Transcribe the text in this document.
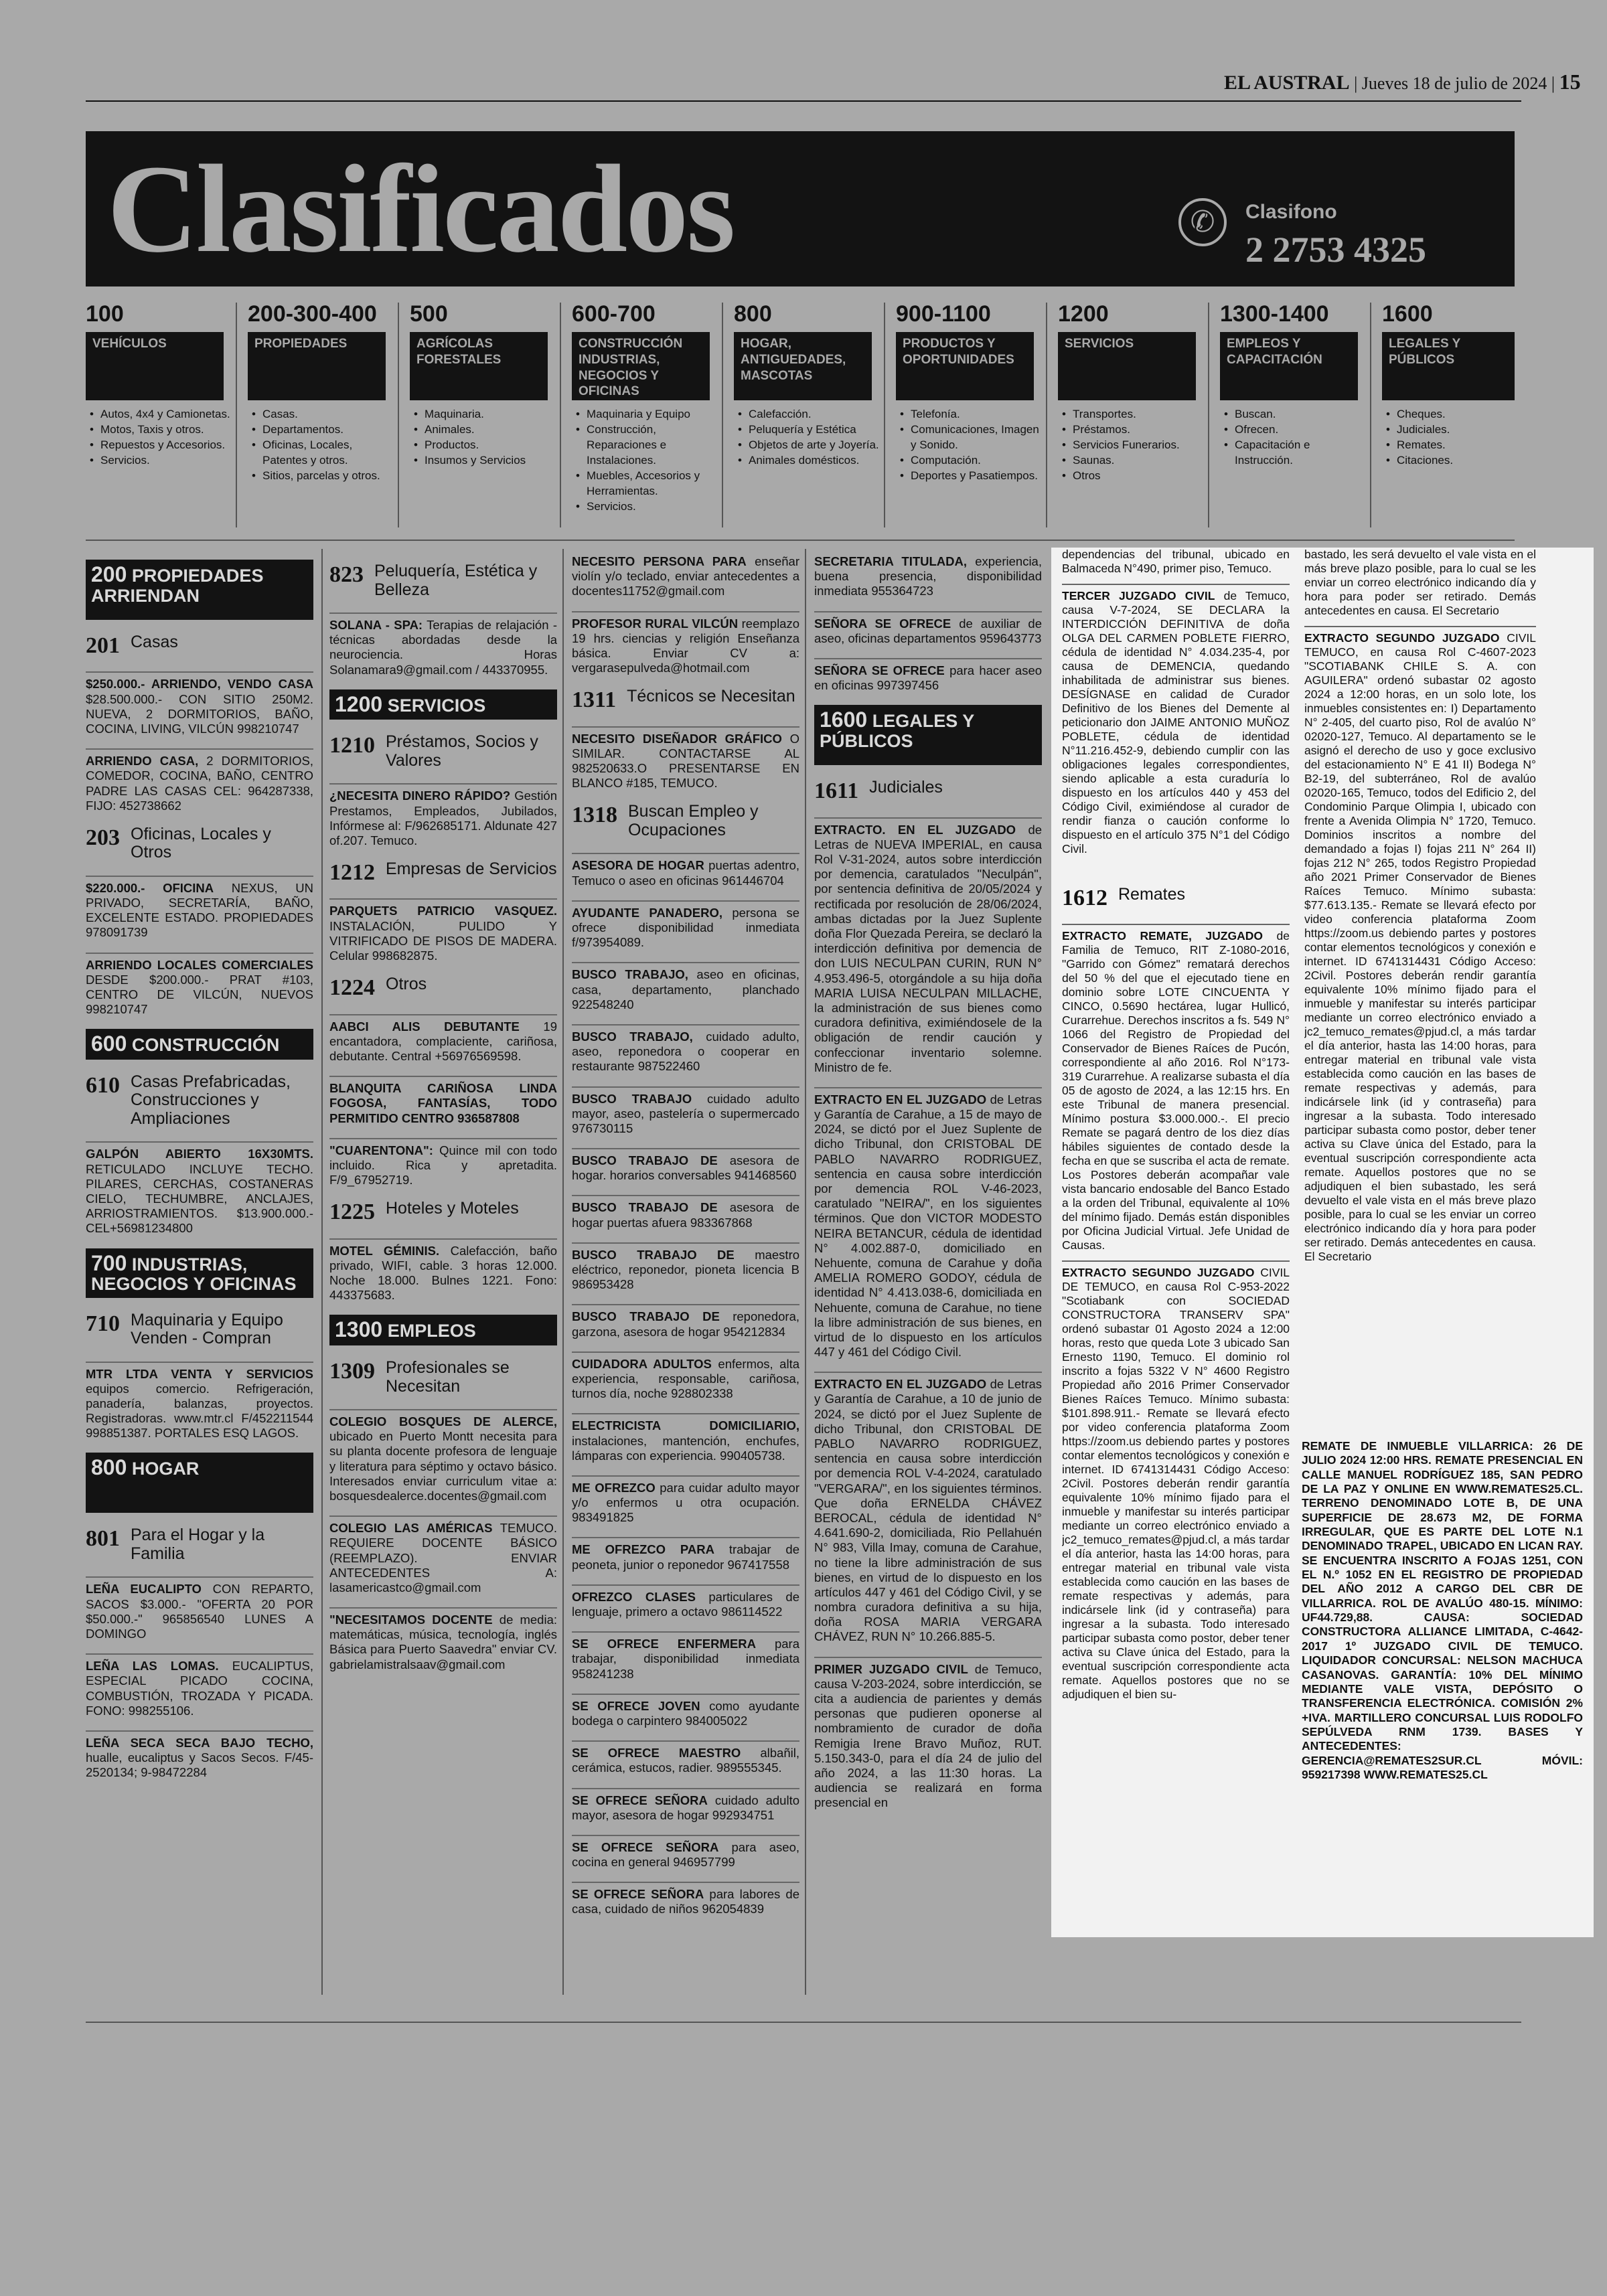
EL AUSTRAL | Jueves 18 de julio de 2024 | 15
Clasificados	✆	Clasifono
2 2753 4325
100
VEHÍCULOS
• Autos, 4x4 y Camionetas.
• Motos, Taxis y otros.
• Repuestos y Accesorios.
• Servicios.
200-300-400
PROPIEDADES
• Casas.
• Departamentos.
• Oficinas, Locales, Patentes y otros.
• Sitios, parcelas y otros.
500
AGRÍCOLAS FORESTALES
• Maquinaria.
• Animales.
• Productos.
• Insumos y Servicios
600-700
CONSTRUCCIÓN INDUSTRIAS, NEGOCIOS Y OFICINAS
• Maquinaria y Equipo
• Construcción, Reparaciones e Instalaciones.
• Muebles, Accesorios y Herramientas.
• Servicios.
800
HOGAR, ANTIGUEDADES, MASCOTAS
• Calefacción.
• Peluquería y Estética
• Objetos de arte y Joyería.
• Animales domésticos.
900-1100
PRODUCTOS Y OPORTUNIDADES
• Telefonía.
• Comunicaciones, Imagen y Sonido.
• Computación.
• Deportes y Pasatiempos.
1200
SERVICIOS
• Transportes.
• Préstamos.
• Servicios Funerarios.
• Saunas.
• Otros
1300-1400
EMPLEOS Y CAPACITACIÓN
• Buscan.
• Ofrecen.
• Capacitación e Instrucción.
1600
LEGALES Y PÚBLICOS
• Cheques.
• Judiciales.
• Remates.
• Citaciones.
200 PROPIEDADES ARRIENDAN
201 Casas
$250.000.- ARRIENDO, VENDO CASA $28.500.000.- CON SITIO 250M2. NUEVA, 2 DORMITORIOS, BAÑO, COCINA, LIVING, VILCÚN 998210747
ARRIENDO CASA, 2 DORMITORIOS, COMEDOR, COCINA, BAÑO, CENTRO PADRE LAS CASAS CEL: 964287338, FIJO: 452738662
203 Oficinas, Locales y Otros
$220.000.- OFICINA NEXUS, UN PRIVADO, SECRETARÍA, BAÑO, EXCELENTE ESTADO. PROPIEDADES 978091739
ARRIENDO LOCALES COMERCIALES DESDE $200.000.- PRAT #103, CENTRO DE VILCÚN, NUEVOS 998210747
600 CONSTRUCCIÓN
610 Casas Prefabricadas, Construcciones y Ampliaciones
GALPÓN ABIERTO 16X30MTS. RETICULADO INCLUYE TECHO. PILARES, CERCHAS, COSTANERAS CIELO, TECHUMBRE, ANCLAJES, ARRIOSTRAMIENTOS. $13.900.000.- CEL+56981234800
700 INDUSTRIAS, NEGOCIOS Y OFICINAS
710 Maquinaria y Equipo Venden - Compran
MTR LTDA VENTA Y SERVICIOS equipos comercio. Refrigeración, panadería, balanzas, proyectos. Registradoras. www.mtr.cl F/452211544 998851387. PORTALES ESQ LAGOS.
800 HOGAR
801 Para el Hogar y la Familia
LEÑA EUCALIPTO CON REPARTO, SACOS $3.000.- "OFERTA 20 POR $50.000.-" 965856540 LUNES A DOMINGO
LEÑA LAS LOMAS. EUCALIPTUS, ESPECIAL PICADO COCINA, COMBUSTIÓN, TROZADA Y PICADA. FONO: 998255106.
LEÑA SECA SECA BAJO TECHO, hualle, eucaliptus y Sacos Secos. F/45-2520134; 9-98472284
823 Peluquería, Estética y Belleza
SOLANA - SPA: Terapias de relajación - técnicas abordadas desde la neurociencia. Horas Solanamara9@gmail.com / 443370955.
1200 SERVICIOS
1210 Préstamos, Socios y Valores
¿NECESITA DINERO RÁPIDO? Gestión Prestamos, Empleados, Jubilados, Infórmese al: F/962685171. Aldunate 427 of.207. Temuco.
1212 Empresas de Servicios
PARQUETS PATRICIO VASQUEZ. INSTALACIÓN, PULIDO Y VITRIFICADO DE PISOS DE MADERA. Celular 998682875.
1224 Otros
AABCI ALIS DEBUTANTE 19 encantadora, complaciente, cariñosa, debutante. Central +56976569598.
BLANQUITA CARIÑOSA LINDA FOGOSA, FANTASÍAS, TODO PERMITIDO CENTRO 936587808
"CUARENTONA": Quince mil con todo incluido. Rica y apretadita. F/9_67952719.
1225 Hoteles y Moteles
MOTEL GÉMINIS. Calefacción, baño privado, WIFI, cable. 3 horas 12.000. Noche 18.000. Bulnes 1221. Fono: 443375683.
1300 EMPLEOS
1309 Profesionales se Necesitan
COLEGIO BOSQUES DE ALERCE, ubicado en Puerto Montt necesita para su planta docente profesora de lenguaje y literatura para séptimo y octavo básico. Interesados enviar curriculum vitae a: bosquesdealerce.docentes@gmail.com
COLEGIO LAS AMÉRICAS TEMUCO. REQUIERE DOCENTE BÁSICO (REEMPLAZO). ENVIAR ANTECEDENTES A: lasamericastco@gmail.com
"NECESITAMOS DOCENTE de media: matemáticas, música, tecnología, inglés Básica para Puerto Saavedra" enviar CV. gabrielamistralsaav@gmail.com
NECESITO PERSONA PARA enseñar violín y/o teclado, enviar antecedentes a docentes11752@gmail.com
PROFESOR RURAL VILCÚN reemplazo 19 hrs. ciencias y religión Enseñanza básica. Enviar CV a: vergarasepulveda@hotmail.com
1311 Técnicos se Necesitan
NECESITO DISEÑADOR GRÁFICO O SIMILAR. CONTACTARSE AL 982520633.O PRESENTARSE EN BLANCO #185, TEMUCO.
1318 Buscan Empleo y Ocupaciones
ASESORA DE HOGAR puertas adentro, Temuco o aseo en oficinas 961446704
AYUDANTE PANADERO, persona se ofrece disponibilidad inmediata f/973954089.
BUSCO TRABAJO, aseo en oficinas, casa, departamento, planchado 922548240
BUSCO TRABAJO, cuidado adulto, aseo, reponedora o cooperar en restaurante 987522460
BUSCO TRABAJO cuidado adulto mayor, aseo, pastelería o supermercado 976730115
BUSCO TRABAJO DE asesora de hogar. horarios conversables 941468560
BUSCO TRABAJO DE asesora de hogar puertas afuera 983367868
BUSCO TRABAJO DE maestro eléctrico, reponedor, pioneta licencia B 986953428
BUSCO TRABAJO DE reponedora, garzona, asesora de hogar 954212834
CUIDADORA ADULTOS enfermos, alta experiencia, responsable, cariñosa, turnos día, noche 928802338
ELECTRICISTA DOMICILIARIO, instalaciones, mantención, enchufes, lámparas con experiencia. 990405738.
ME OFREZCO para cuidar adulto mayor y/o enfermos u otra ocupación. 983491825
ME OFREZCO PARA trabajar de peoneta, junior o reponedor 967417558
OFREZCO CLASES particulares de lenguaje, primero a octavo 986114522
SE OFRECE ENFERMERA para trabajar, disponibilidad inmediata 958241238
SE OFRECE JOVEN como ayudante bodega o carpintero 984005022
SE OFRECE MAESTRO albañil, cerámica, estucos, radier. 989555345.
SE OFRECE SEÑORA cuidado adulto mayor, asesora de hogar 992934751
SE OFRECE SEÑORA para aseo, cocina en general 946957799
SE OFRECE SEÑORA para labores de casa, cuidado de niños 962054839
SECRETARIA TITULADA, experiencia, buena presencia, disponibilidad inmediata 955364723
SEÑORA SE OFRECE de auxiliar de aseo, oficinas departamentos 959643773
SEÑORA SE OFRECE para hacer aseo en oficinas 997397456
1600 LEGALES Y PÚBLICOS
1611 Judiciales
EXTRACTO. EN EL JUZGADO de Letras de NUEVA IMPERIAL, en causa Rol V-31-2024, autos sobre interdicción por demencia, caratulados "Neculpán", por sentencia definitiva de 20/05/2024 y rectificada por resolución de 28/06/2024, ambas dictadas por la Juez Suplente doña Flor Quezada Pereira, se declaró la interdicción definitiva por demencia de don LUIS NECULPAN CURIN, RUN N° 4.953.496-5, otorgándole a su hija doña MARIA LUISA NECULPAN MILLACHE, la administración de sus bienes como curadora definitiva, eximiéndosele de la obligación de rendir caución y confeccionar inventario solemne. Ministro de fe.
EXTRACTO EN EL JUZGADO de Letras y Garantía de Carahue, a 15 de mayo de 2024, se dictó por el Juez Suplente de dicho Tribunal, don CRISTOBAL DE PABLO NAVARRO RODRIGUEZ, sentencia en causa sobre interdicción por demencia ROL V-46-2023, caratulado "NEIRA/", en los siguientes términos. Que don VICTOR MODESTO NEIRA BETANCUR, cédula de identidad N° 4.002.887-0, domiciliado en Nehuente, comuna de Carahue y doña AMELIA ROMERO GODOY, cédula de identidad N° 4.413.038-6, domiciliada en Nehuente, comuna de Carahue, no tiene la libre administración de sus bienes, en virtud de lo dispuesto en los artículos 447 y 461 del Código Civil.
EXTRACTO EN EL JUZGADO de Letras y Garantía de Carahue, a 10 de junio de 2024, se dictó por el Juez Suplente de dicho Tribunal, don CRISTOBAL DE PABLO NAVARRO RODRIGUEZ, sentencia en causa sobre interdicción por demencia ROL V-4-2024, caratulado "VERGARA/", en los siguientes términos. Que doña ERNELDA CHÁVEZ BEROCAL, cédula de identidad N° 4.641.690-2, domiciliada, Rio Pellahuén N° 983, Villa Imay, comuna de Carahue, no tiene la libre administración de sus bienes, en virtud de lo dispuesto en los artículos 447 y 461 del Código Civil, y se nombra curadora definitiva a su hija, doña ROSA MARIA VERGARA CHÁVEZ, RUN N° 10.266.885-5.
PRIMER JUZGADO CIVIL de Temuco, causa V-203-2024, sobre interdicción, se cita a audiencia de parientes y demás personas que pudieren oponerse al nombramiento de curador de doña Remigia Irene Bravo Muñoz, RUT. 5.150.343-0, para el día 24 de julio del año 2024, a las 11:30 horas. La audiencia se realizará en forma presencial en
dependencias del tribunal, ubicado en Balmaceda N°490, primer piso, Temuco.
TERCER JUZGADO CIVIL de Temuco, causa V-7-2024, SE DECLARA la INTERDICCIÓN DEFINITIVA de doña OLGA DEL CARMEN POBLETE FIERRO, cédula de identidad N° 4.034.235-4, por causa de DEMENCIA, quedando inhabilitada de administrar sus bienes. DESÍGNASE en calidad de Curador Definitivo de los Bienes del Demente al peticionario don JAIME ANTONIO MUÑOZ POBLETE, cédula de identidad N°11.216.452-9, debiendo cumplir con las obligaciones legales correspondientes, siendo aplicable a esta curaduría lo dispuesto en los artículos 440 y 453 del Código Civil, eximiéndose al curador de rendir fianza o caución conforme lo dispuesto en el artículo 375 N°1 del Código Civil.
1612 Remates
EXTRACTO REMATE, JUZGADO de Familia de Temuco, RIT Z-1080-2016, "Garrido con Gómez" rematará derechos del 50 % del que el ejecutado tiene en dominio sobre LOTE CINCUENTA Y CINCO, 0.5690 hectárea, lugar Hullicó, Curarrehue. Derechos inscritos a fs. 549 N° 1066 del Registro de Propiedad del Conservador de Bienes Raíces de Pucón, correspondiente al año 2016. Rol N°173-319 Curarrehue. A realizarse subasta el día 05 de agosto de 2024, a las 12:15 hrs. En este Tribunal de manera presencial. Mínimo postura $3.000.000.-. El precio Remate se pagará dentro de los diez días hábiles siguientes de contado desde la fecha en que se suscriba el acta de remate. Los Postores deberán acompañar vale vista bancario endosable del Banco Estado a la orden del Tribunal, equivalente al 10% del mínimo fijado. Demás están disponibles por Oficina Judicial Virtual. Jefe Unidad de Causas.
EXTRACTO SEGUNDO JUZGADO CIVIL DE TEMUCO, en causa Rol C-953-2022 "Scotiabank con SOCIEDAD CONSTRUCTORA TRANSERV SPA" ordenó subastar 01 Agosto 2024 a 12:00 horas, resto que queda Lote 3 ubicado San Ernesto 1190, Temuco. El dominio rol inscrito a fojas 5322 V N° 4600 Registro Propiedad año 2016 Primer Conservador Bienes Raíces Temuco. Mínimo subasta: $101.898.911.- Remate se llevará efecto por video conferencia plataforma Zoom https://zoom.us debiendo partes y postores contar elementos tecnológicos y conexión e internet. ID 6741314431 Código Acceso: 2Civil. Postores deberán rendir garantía equivalente 10% mínimo fijado para el inmueble y manifestar su interés participar mediante un correo electrónico enviado a jc2_temuco_remates@pjud.cl, a más tardar el día anterior, hasta las 14:00 horas, para entregar material en tribunal vale vista establecida como caución en las bases de remate respectivas y además, para indicársele link (id y contraseña) para ingresar a la subasta. Todo interesado participar subasta como postor, deber tener activa su Clave única del Estado, para la eventual suscripción correspondiente acta remate. Aquellos postores que no se adjudiquen el bien su-
bastado, les será devuelto el vale vista en el más breve plazo posible, para lo cual se les enviar un correo electrónico indicando día y hora para poder ser retirado. Demás antecedentes en causa. El Secretario
EXTRACTO SEGUNDO JUZGADO CIVIL TEMUCO, en causa Rol C-4607-2023 "SCOTIABANK CHILE S. A. con AGUILERA" ordenó subastar 02 agosto 2024 a 12:00 horas, en un solo lote, los inmuebles consistentes en: I) Departamento N° 2-405, del cuarto piso, Rol de avalúo N° 02020-127, Temuco. Al departamento se le asignó el derecho de uso y goce exclusivo del estacionamiento N° E 41 II) Bodega N° B2-19, del subterráneo, Rol de avalúo 02020-165, Temuco, todos del Edificio 2, del Condominio Parque Olimpia I, ubicado con frente a Avenida Olimpia N° 1720, Temuco. Dominios inscritos a nombre del demandado a fojas I) fojas 211 N° 264 II) fojas 212 N° 265, todos Registro Propiedad año 2021 Primer Conservador de Bienes Raíces Temuco. Mínimo subasta: $77.613.135.- Remate se llevará efecto por video conferencia plataforma Zoom https://zoom.us debiendo partes y postores contar elementos tecnológicos y conexión e internet. ID 6741314431 Código Acceso: 2Civil. Postores deberán rendir garantía equivalente 10% mínimo fijado para el inmueble y manifestar su interés participar mediante un correo electrónico enviado a jc2_temuco_remates@pjud.cl, a más tardar el día anterior, hasta las 14:00 horas, para entregar material en tribunal vale vista establecida como caución en las bases de remate respectivas y además, para indicársele link (id y contraseña) para ingresar a la subasta. Todo interesado participar subasta como postor, deber tener activa su Clave única del Estado, para la eventual suscripción correspondiente acta remate. Aquellos postores que no se adjudiquen el bien subastado, les será devuelto el vale vista en el más breve plazo posible, para lo cual se les enviar un correo electrónico indicando día y hora para poder ser retirado. Demás antecedentes en causa. El Secretario
REMATE DE INMUEBLE VILLARRICA: 26 DE JULIO 2024 12:00 HRS. REMATE PRESENCIAL EN CALLE MANUEL RODRÍGUEZ 185, SAN PEDRO DE LA PAZ Y ONLINE EN WWW.REMATES25.CL. TERRENO DENOMINADO LOTE B, DE UNA SUPERFICIE DE 28.673 M2, DE FORMA IRREGULAR, QUE ES PARTE DEL LOTE N.1 DENOMINADO TRAPEL, UBICADO EN LICAN RAY. SE ENCUENTRA INSCRITO A FOJAS 1251, CON EL N.º 1052 EN EL REGISTRO DE PROPIEDAD DEL AÑO 2012 A CARGO DEL CBR DE VILLARRICA. ROL DE AVALÚO 480-15. MÍNIMO: UF44.729,88. CAUSA: SOCIEDAD CONSTRUCTORA ALLIANCE LIMITADA, C-4642-2017 1º JUZGADO CIVIL DE TEMUCO. LIQUIDADOR CONCURSAL: NELSON MACHUCA CASANOVAS. GARANTÍA: 10% DEL MÍNIMO MEDIANTE VALE VISTA, DEPÓSITO O TRANSFERENCIA ELECTRÓNICA. COMISIÓN 2% +IVA. MARTILLERO CONCURSAL LUIS RODOLFO SEPÚLVEDA RNM 1739. BASES Y ANTECEDENTES: GERENCIA@REMATES2SUR.CL MÓVIL: 959217398 WWW.REMATES25.CL
